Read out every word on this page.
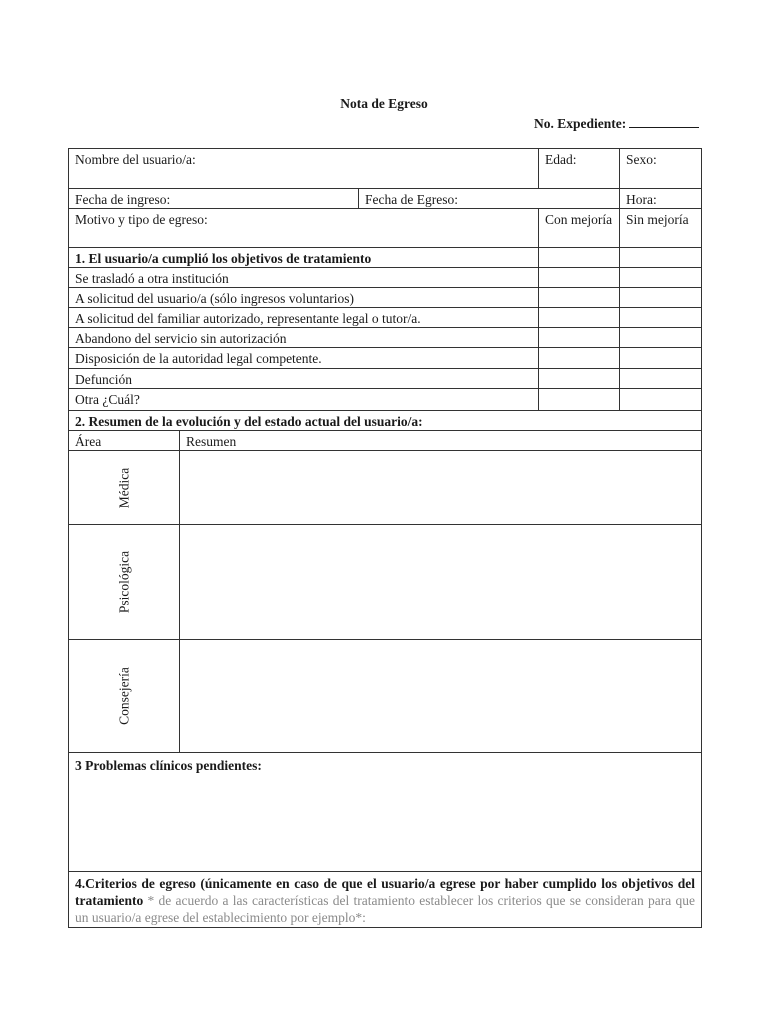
Nota de Egreso
No. Expediente:
Nombre del usuario/a:	Edad:	Sexo:
Fecha de ingreso:	Fecha de Egreso:	Hora:
Motivo y tipo de egreso:	Con mejoría	Sin mejoría
1. El usuario/a cumplió los objetivos de tratamiento
Se trasladó a otra institución
A solicitud del usuario/a (sólo ingresos voluntarios)
A solicitud del familiar autorizado, representante legal o tutor/a.
Abandono del servicio sin autorización
Disposición de la autoridad legal competente.
Defunción
Otra ¿Cuál?
2. Resumen de la evolución y del estado actual del usuario/a:
Área	Resumen
Médica
Psicológica
Consejería
3 Problemas clínicos pendientes:
4.Criterios de egreso (únicamente en caso de que el usuario/a egrese por haber cumplido los objetivos del tratamiento * de acuerdo a las características del tratamiento establecer los criterios que se consideran para que un usuario/a egrese del establecimiento por ejemplo*:
